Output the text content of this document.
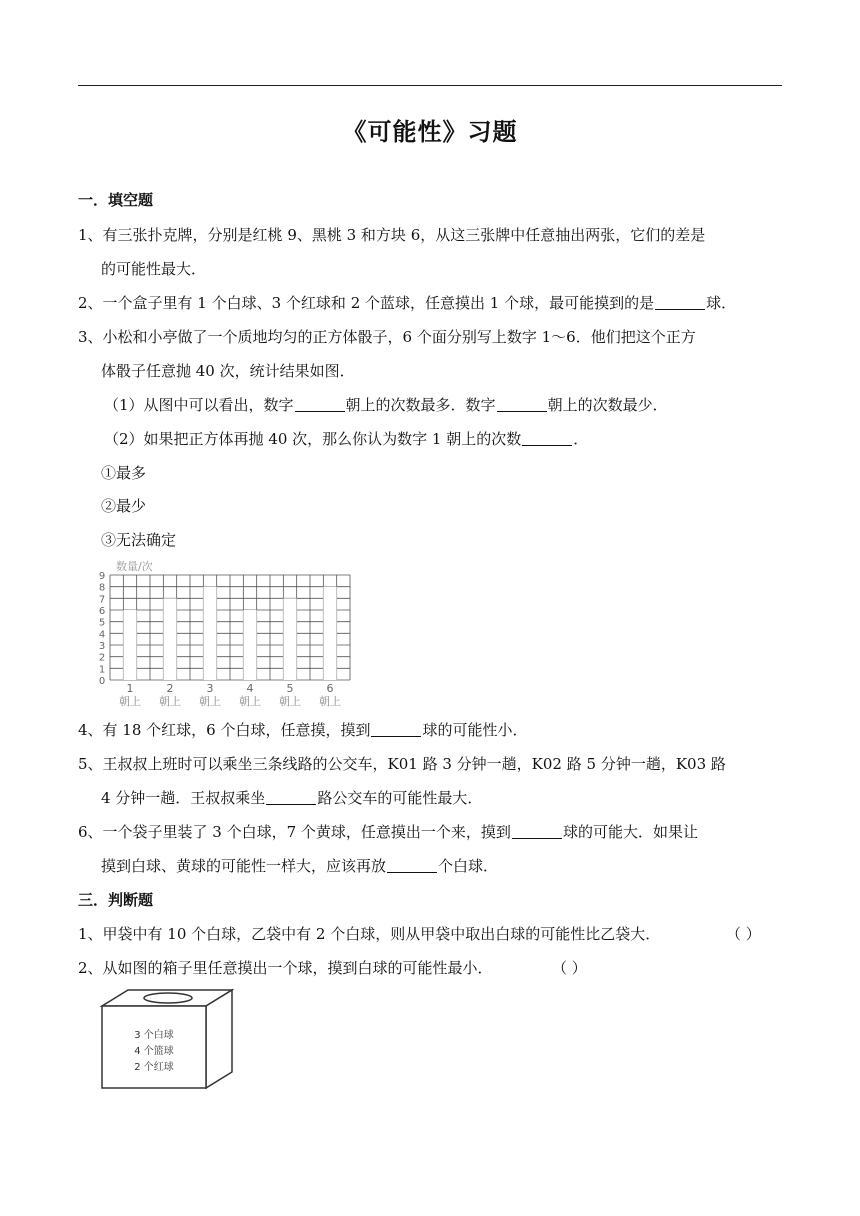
《可能性》习题
一．填空题
1、有三张扑克牌，分别是红桃 9、黑桃 3 和方块 6，从这三张牌中任意抽出两张，它们的差是
的可能性最大．
2、一个盒子里有 1 个白球、3 个红球和 2 个蓝球，任意摸出 1 个球，最可能摸到的是	球．
3、小松和小亭做了一个质地均匀的正方体骰子，6 个面分别写上数字 1～6．他们把这个正方
体骰子任意抛 40 次，统计结果如图．
（1）从图中可以看出，数字	朝上的次数最多．数字	朝上的次数最少．
（2）如果把正方体再抛 40 次，那么你认为数字 1 朝上的次数	．
①最多
②最少
③无法确定
数量/次
0
1
2
3
4
5
6
7
8
9
1
朝上
2
朝上
3
朝上
4
朝上
5
朝上
6
朝上
4、有 18 个红球，6 个白球，任意摸，摸到	球的可能性小．
5、王叔叔上班时可以乘坐三条线路的公交车，K01 路 3 分钟一趟，K02 路 5 分钟一趟，K03 路
4 分钟一趟．王叔叔乘坐	路公交车的可能性最大．
6、一个袋子里装了 3 个白球，7 个黄球，任意摸出一个来，摸到	球的可能大．如果让
摸到白球、黄球的可能性一样大，应该再放	个白球．
三．判断题
1、甲袋中有 10 个白球，乙袋中有 2 个白球，则从甲袋中取出白球的可能性比乙袋大．	（ ）
2、从如图的箱子里任意摸出一个球，摸到白球的可能性最小．	（ ）
3 个白球
4 个篮球
2 个红球
